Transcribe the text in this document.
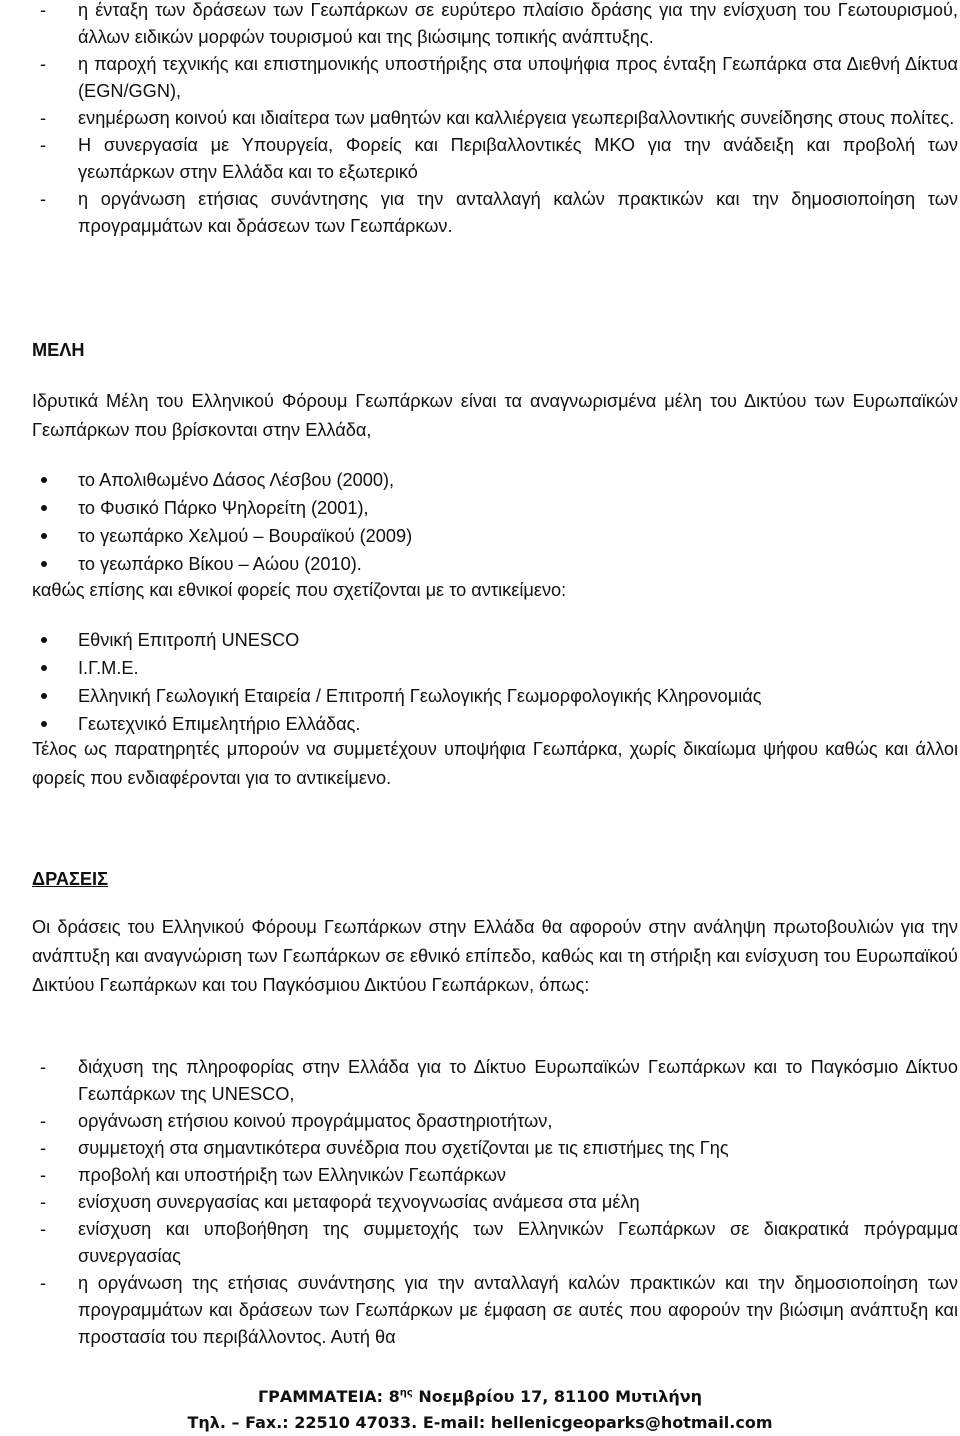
- η ένταξη των δράσεων των Γεωπάρκων σε ευρύτερο πλαίσιο δράσης για την ενίσχυση του Γεωτουρισμού, άλλων ειδικών μορφών τουρισμού και της βιώσιμης τοπικής ανάπτυξης.
- η παροχή τεχνικής και επιστημονικής υποστήριξης στα υποψήφια προς ένταξη Γεωπάρκα στα Διεθνή Δίκτυα (EGN/GGN),
- ενημέρωση κοινού και ιδιαίτερα των μαθητών και καλλιέργεια γεωπεριβαλλοντικής συνείδησης στους πολίτες.
- Η συνεργασία με Υπουργεία, Φορείς και Περιβαλλοντικές ΜΚΟ για την ανάδειξη και προβολή των γεωπάρκων στην Ελλάδα και το εξωτερικό
- η οργάνωση ετήσιας συνάντησης για την ανταλλαγή καλών πρακτικών και την δημοσιοποίηση των προγραμμάτων και δράσεων των Γεωπάρκων.
ΜΕΛΗ
Ιδρυτικά Μέλη του Ελληνικού Φόρουμ Γεωπάρκων είναι τα αναγνωρισμένα μέλη του Δικτύου των Ευρωπαϊκών Γεωπάρκων που βρίσκονται στην Ελλάδα,
το Απολιθωμένο Δάσος Λέσβου (2000),
το Φυσικό Πάρκο Ψηλορείτη (2001),
το γεωπάρκο Χελμού – Βουραϊκού (2009)
το γεωπάρκο Βίκου – Αώου (2010).
καθώς επίσης και εθνικοί φορείς που σχετίζονται με το αντικείμενο:
Εθνική Επιτροπή UNESCO
Ι.Γ.Μ.Ε.
Ελληνική Γεωλογική Εταιρεία / Επιτροπή Γεωλογικής Γεωμορφολογικής Κληρονομιάς
Γεωτεχνικό Επιμελητήριο Ελλάδας.
Τέλος ως παρατηρητές μπορούν να συμμετέχουν υποψήφια Γεωπάρκα, χωρίς δικαίωμα ψήφου καθώς και άλλοι φορείς που ενδιαφέρονται για το αντικείμενο.
ΔΡΑΣΕΙΣ
Οι δράσεις του Ελληνικού Φόρουμ Γεωπάρκων στην Ελλάδα θα αφορούν στην ανάληψη πρωτοβουλιών για την ανάπτυξη και αναγνώριση των Γεωπάρκων σε εθνικό επίπεδο, καθώς και τη στήριξη και ενίσχυση του Ευρωπαϊκού Δικτύου Γεωπάρκων και του Παγκόσμιου Δικτύου Γεωπάρκων, όπως:
- διάχυση της πληροφορίας στην Ελλάδα για το Δίκτυο Ευρωπαϊκών Γεωπάρκων και το Παγκόσμιο Δίκτυο Γεωπάρκων της UNESCO,
- οργάνωση ετήσιου κοινού προγράμματος δραστηριοτήτων,
- συμμετοχή στα σημαντικότερα συνέδρια που σχετίζονται με τις επιστήμες της Γης
- προβολή και υποστήριξη των Ελληνικών Γεωπάρκων
- ενίσχυση συνεργασίας και μεταφορά τεχνογνωσίας ανάμεσα στα μέλη
- ενίσχυση και υποβοήθηση της συμμετοχής των Ελληνικών Γεωπάρκων σε διακρατικά πρόγραμμα συνεργασίας
- η οργάνωση της ετήσιας συνάντησης για την ανταλλαγή καλών πρακτικών και την δημοσιοποίηση των προγραμμάτων και δράσεων των Γεωπάρκων με έμφαση σε αυτές που αφορούν την βιώσιμη ανάπτυξη και προστασία του περιβάλλοντος. Αυτή θα
ΓΡΑΜΜΑΤΕΙΑ: $8^{\eta\varsigma}$ Νοεμβρίου 17, 81100 Μυτιλήνη
Τηλ. – Fax.: 22510 47033. E-mail: hellenicgeoparks@hotmail.com
